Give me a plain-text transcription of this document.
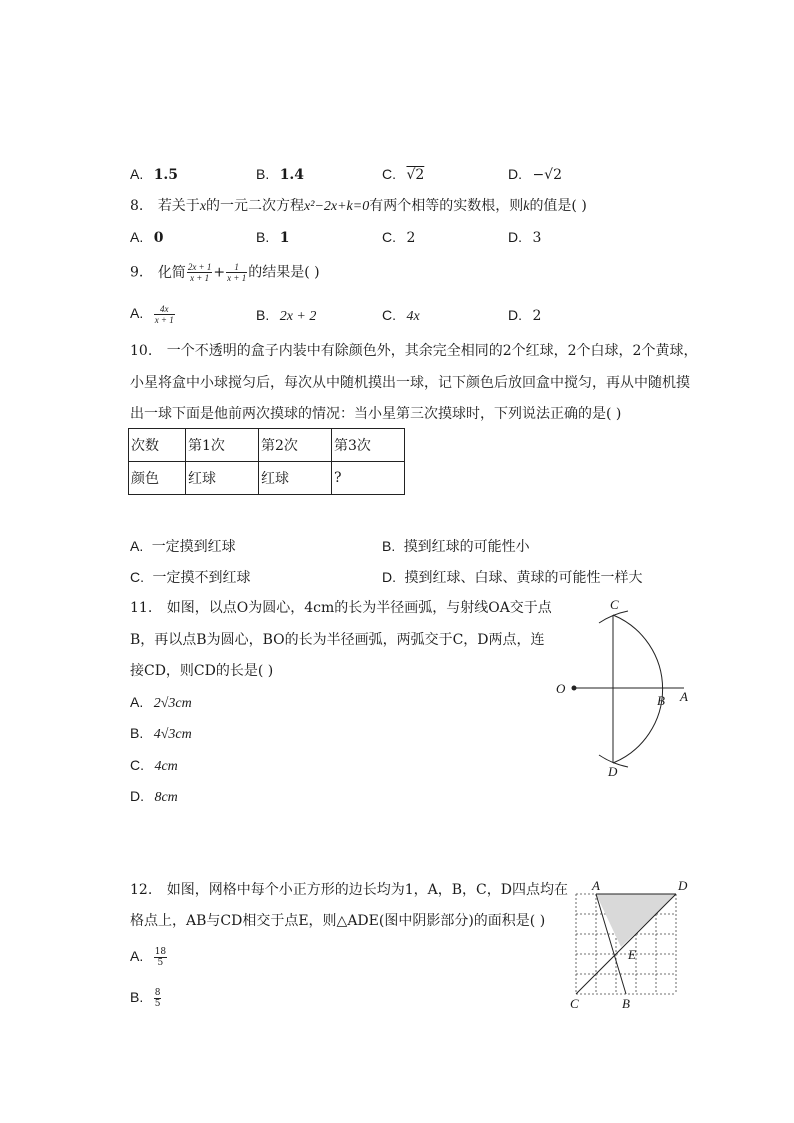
A. 1.5	B. 1.4	C. √2	D. −√2
8. 若关于x的一元二次方程x²−2x+k=0有两个相等的实数根，则k的值是( )
A. 0	B. 1	C. 2	D. 3
9. 化简 $\frac{2x + 1}{x + 1} + \frac{1}{x + 1}$ 的结果是( )
A. $\frac{4x}{x + 1}$	B. 2x + 2	C. 4x	D. 2
10. 一个不透明的盒子内装中有除颜色外，其余完全相同的2个红球，2个白球，2个黄球，
小星将盒中小球搅匀后，每次从中随机摸出一球，记下颜色后放回盒中搅匀，再从中随机摸
出一球下面是他前两次摸球的情况：当小星第三次摸球时，下列说法正确的是( )
次数	第1次	第2次	第3次
颜色	红球	红球	?
A. 一定摸到红球	B. 摸到红球的可能性小
C. 一定摸不到红球	D. 摸到红球、白球、黄球的可能性一样大
11. 如图，以点O为圆心，4cm的长为半径画弧，与射线OA交于点
B，再以点B为圆心，BO的长为半径画弧，两弧交于C，D两点，连
接CD，则CD的长是( )
A. 2√3cm
B. 4√3cm
C. 4cm
D. 8cm
C
O
B A
D
12. 如图，网格中每个小正方形的边长均为1，A，B，C，D四点均在
格点上，AB与CD相交于点E，则△ADE(图中阴影部分)的面积是( )
A. $\frac{18}{5}$
B. $\frac{8}{5}$
A	D
E
C	B
